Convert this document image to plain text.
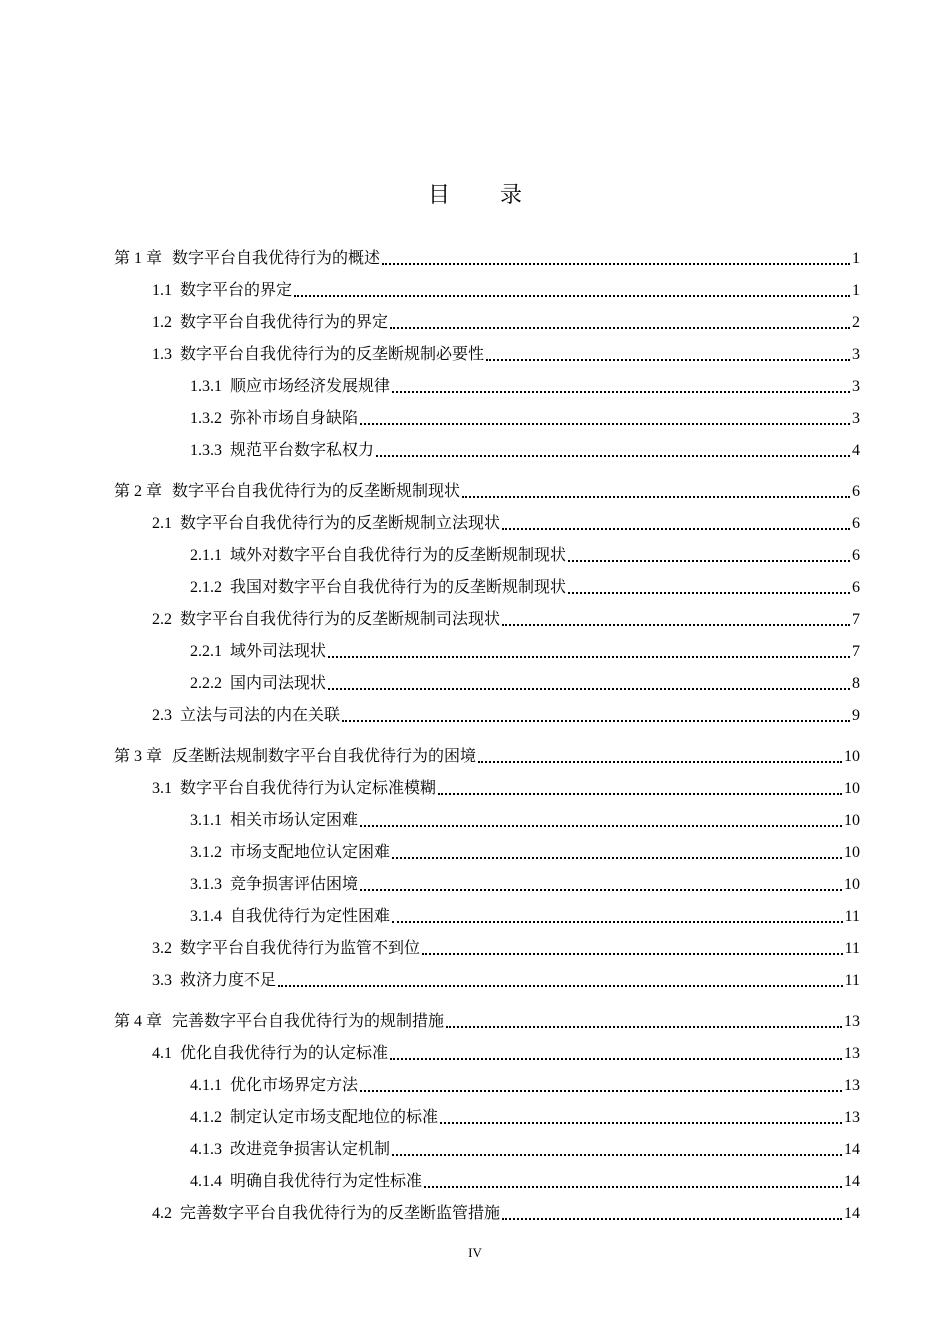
目 录
第 1 章 数字平台自我优待行为的概述	1
1.1 数字平台的界定	1
1.2 数字平台自我优待行为的界定	2
1.3 数字平台自我优待行为的反垄断规制必要性	3
1.3.1 顺应市场经济发展规律	3
1.3.2 弥补市场自身缺陷	3
1.3.3 规范平台数字私权力	4
第 2 章 数字平台自我优待行为的反垄断规制现状	6
2.1 数字平台自我优待行为的反垄断规制立法现状	6
2.1.1 域外对数字平台自我优待行为的反垄断规制现状	6
2.1.2 我国对数字平台自我优待行为的反垄断规制现状	6
2.2 数字平台自我优待行为的反垄断规制司法现状	7
2.2.1 域外司法现状	7
2.2.2 国内司法现状	8
2.3 立法与司法的内在关联	9
第 3 章 反垄断法规制数字平台自我优待行为的困境	10
3.1 数字平台自我优待行为认定标准模糊	10
3.1.1 相关市场认定困难	10
3.1.2 市场支配地位认定困难	10
3.1.3 竞争损害评估困境	10
3.1.4 自我优待行为定性困难	11
3.2 数字平台自我优待行为监管不到位	11
3.3 救济力度不足	11
第 4 章 完善数字平台自我优待行为的规制措施	13
4.1 优化自我优待行为的认定标准	13
4.1.1 优化市场界定方法	13
4.1.2 制定认定市场支配地位的标准	13
4.1.3 改进竞争损害认定机制	14
4.1.4 明确自我优待行为定性标准	14
4.2 完善数字平台自我优待行为的反垄断监管措施	14
IV
